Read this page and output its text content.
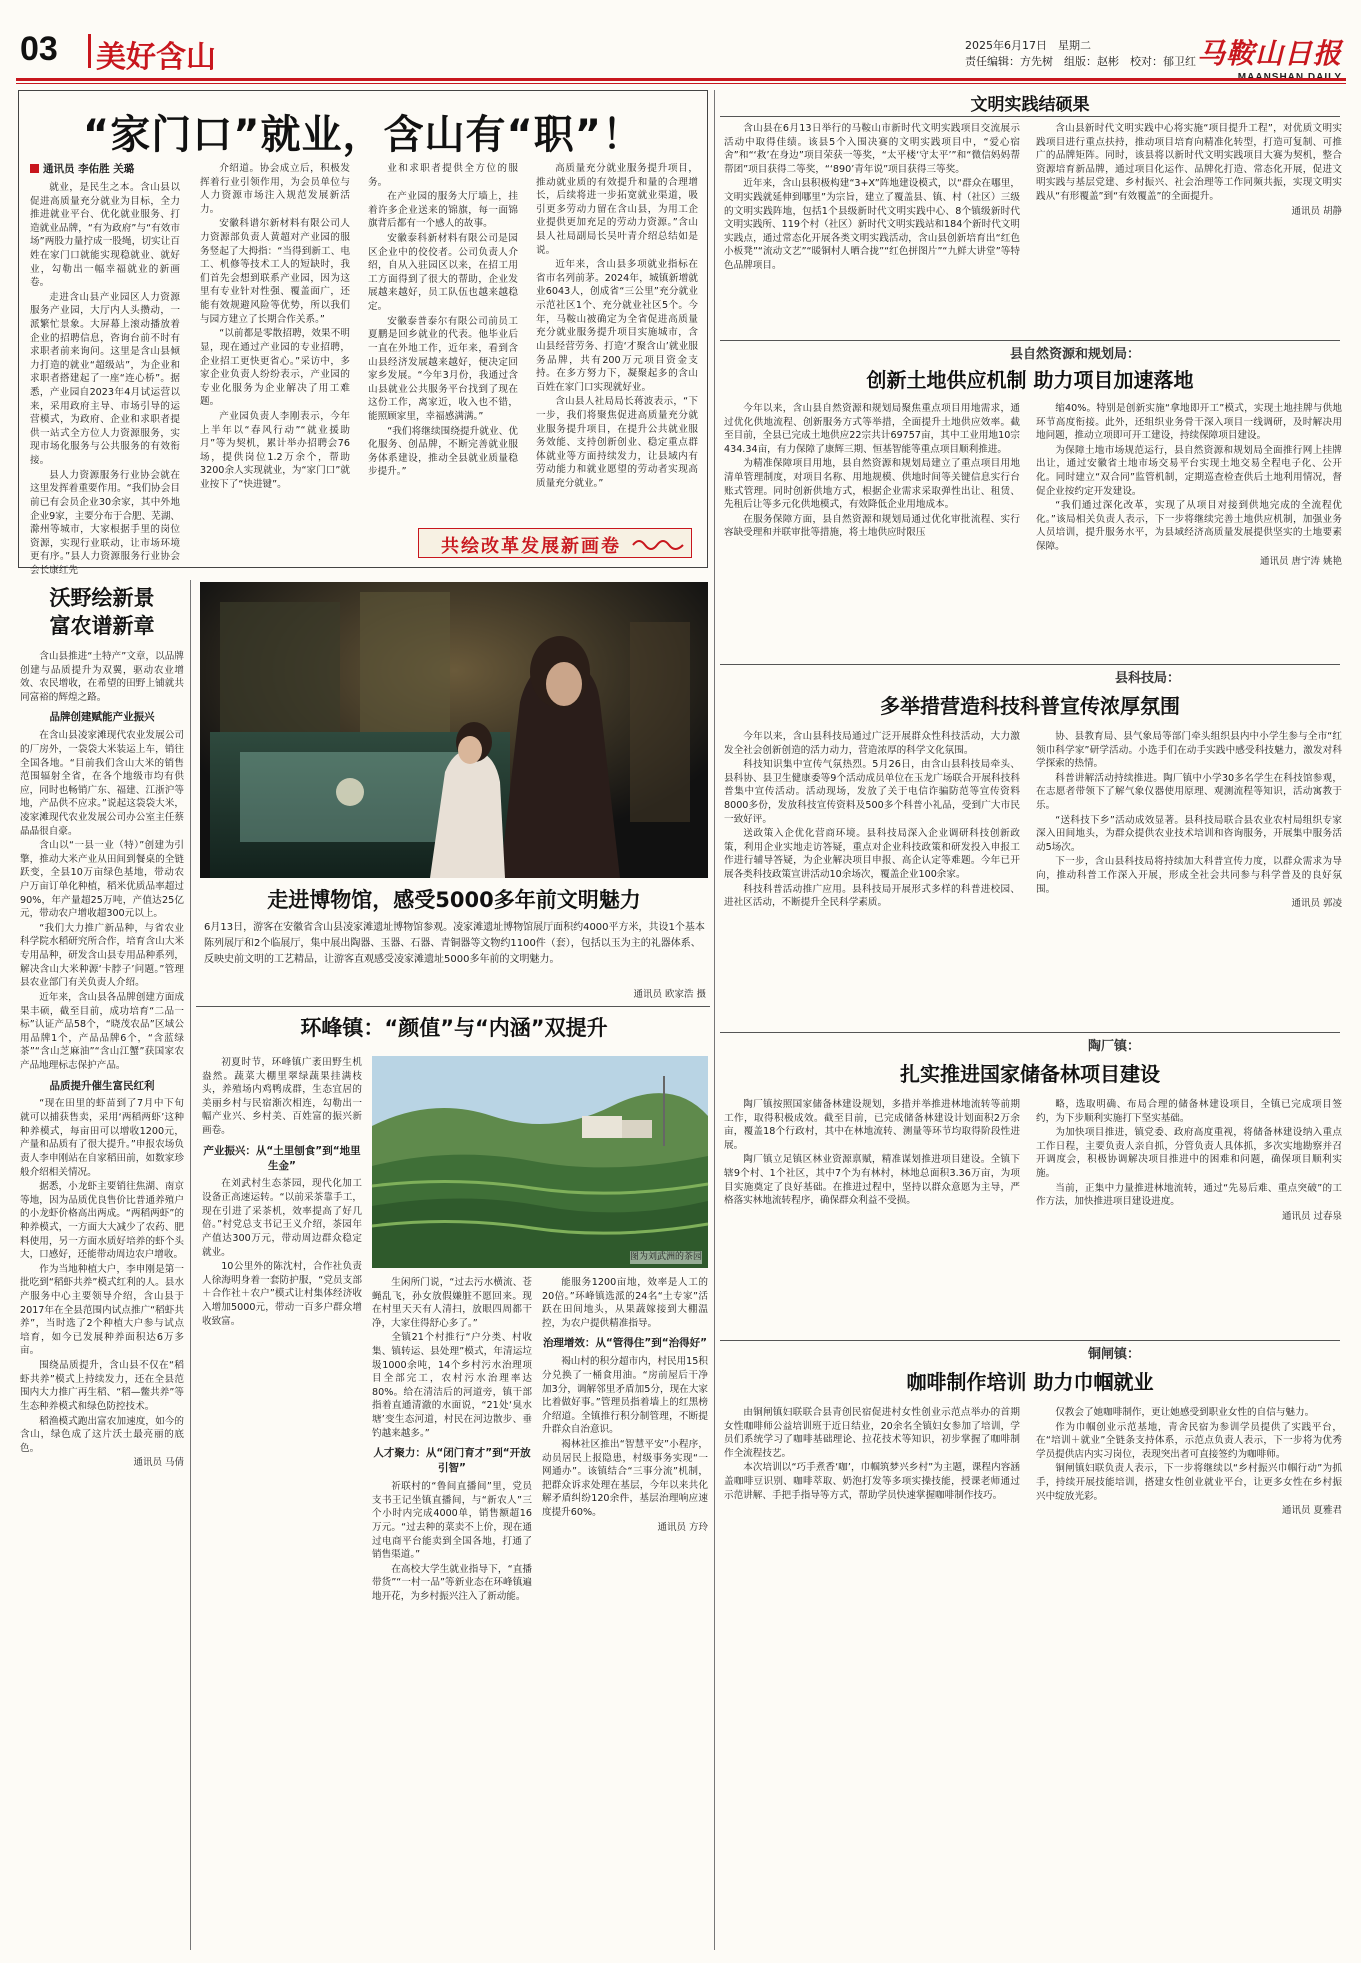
03 美好含山	2025年6月17日　星期二
责任编辑：方先树　组版：赵彬　校对：郁卫红 马鞍山日报
“家门口”就业，含山有“职”！
通讯员 李佑胜 关璐

就业，是民生之本。含山县以促进高质量充分就业为目标，全力推进就业平台、优化就业服务、打造就业品牌，“有为政府”与“有效市场”两股力量拧成一股绳，切实让百姓在家门口就能实现稳就业、就好业，勾勒出一幅幸福就业的新画卷。

走进含山县产业园区人力资源服务产业园，大厅内人头攒动，一派繁忙景象。大屏幕上滚动播放着企业的招聘信息，咨询台前不时有求职者前来询问。这里是含山县倾力打造的就业“超级站”，为企业和求职者搭建起了一座“连心桥”。据悉，产业园自2023年4月试运营以来，采用政府主导、市场引导的运营模式，为政府、企业和求职者提供一站式全方位人力资源服务，实现市场化服务与公共服务的有效衔接。

县人力资源服务行业协会就在这里发挥着重要作用。“我们协会目前已有会员企业30余家，其中外地企业9家，主要分布于合肥、芜湖、滁州等城市，大家根据手里的岗位资源，实现行业联动，让市场环境更有序。”县人力资源服务行业协会会长康红先

介绍道。协会成立后，积极发挥着行业引领作用，为会员单位与人力资源市场注入规范发展新活力。

安徽科谱尔新材料有限公司人力资源部负责人黄超对产业园的服务竖起了大拇指：“当得到新工、电工、机修等技术工人的短缺时，我们首先会想到联系产业园，因为这里有专业针对性强、覆盖面广，还能有效规避风险等优势，所以我们与园方建立了长期合作关系。”

“以前都是零散招聘，效果不明显，现在通过产业园的专业招聘，企业招工更快更省心。”采访中，多家企业负责人纷纷表示，产业园的专业化服务为企业解决了用工难题。

产业园负责人李刚表示，今年上半年以“春风行动”“就业援助月”等为契机，累计举办招聘会76场，提供岗位1.2万余个，帮助3200余人实现就业，为“家门口”就业按下了“快进键”。

业和求职者提供全方位的服务。

在产业园的服务大厅墙上，挂着许多企业送来的锦旗，每一面锦旗背后都有一个感人的故事。

安徽泰科新材料有限公司是园区企业中的佼佼者。公司负责人介绍，自从入驻园区以来，在招工用工方面得到了很大的帮助，企业发展越来越好，员工队伍也越来越稳定。

安徽泰普泰尔有限公司前员工夏鹏是回乡就业的代表。他毕业后一直在外地工作，近年来，看到含山县经济发展越来越好，便决定回家乡发展。“今年3月份，我通过含山县就业公共服务平台找到了现在这份工作，离家近，收入也不错，能照顾家里，幸福感满满。”

“我们将继续围绕提升就业、优化服务、创品牌，不断完善就业服务体系建设，推动全县就业质量稳步提升。”

高质量充分就业服务提升项目，推动就业质的有效提升和量的合理增长，后续将进一步拓宽就业渠道，吸引更多劳动力留在含山县，为用工企业提供更加充足的劳动力资源。”含山县人社局副局长吴叶青介绍总结如是说。

近年来，含山县多项就业指标在省市名列前茅。2024年，城镇新增就业6043人，创成省“三公里”充分就业示范社区1个、充分就业社区5个。今年，马鞍山被确定为全省促进高质量充分就业服务提升项目实施城市，含山县经营劳务、打造‘才聚含山’就业服务品牌，共有200万元项目资金支持。在多方努力下，凝聚起多的含山百姓在家门口实现就好业。

含山县人社局局长蒋波表示，“下一步，我们将聚焦促进高质量充分就业服务提升项目，在提升公共就业服务效能、支持创新创业、稳定重点群体就业等方面持续发力，让县域内有劳动能力和就业愿望的劳动者实现高质量充分就业。”

共绘改革发展新画卷
文明实践结硕果

含山县在6月13日举行的马鞍山市新时代文明实践项目交流展示活动中取得佳绩。该县5个入围决赛的文明实践项目中，“爱心宿舍”和“‘救’在身边”项目荣获一等奖，“太平楼‘守太平’”和“微信妈妈帮帮团”项目获得二等奖，“‘890’青年说”项目获得三等奖。

近年来，含山县积极构建“3+X”阵地建设模式，以“群众在哪里，文明实践就延伸到哪里”为宗旨，建立了覆盖县、镇、村（社区）三级的文明实践阵地，包括1个县级新时代文明实践中心、8个镇级新时代文明实践所、119个村（社区）新时代文明实践站和184个新时代文明实践点，通过常态化开展各类文明实践活动，含山县创新培育出“红色小板凳”“流动文艺”“暖铜村人晒合拢”“红色拼图片”“九鲜大讲堂”等特色品牌项目。

含山县新时代文明实践中心将实施“项目提升工程”，对优质文明实践项目进行重点扶持，推动项目培育向精准化转型，打造可复制、可推广的品牌矩阵。同时，该县将以新时代文明实践项目大赛为契机，整合资源培育新品牌，通过项目化运作、品牌化打造、常态化开展，促进文明实践与基层党建、乡村振兴、社会治理等工作同频共振，实现文明实践从“有形覆盖”到“有效覆盖”的全面提升。

通讯员 胡静
县自然资源和规划局：
创新土地供应机制 助力项目加速落地

今年以来，含山县自然资源和规划局聚焦重点项目用地需求，通过优化供地流程、创新服务方式等举措，全面提升土地供应效率。截至目前，全县已完成土地供应22宗共计69757亩，其中工业用地10宗434.34亩，有力保障了康辉三期、恒基智能等重点项目顺利推进。

为精准保障项目用地，县自然资源和规划局建立了重点项目用地清单管理制度，对项目名称、用地规模、供地时间等关键信息实行台账式管理。同时创新供地方式，根据企业需求采取弹性出让、租赁、先租后让等多元化供地模式，有效降低企业用地成本。

在服务保障方面，县自然资源和规划局通过优化审批流程、实行容缺受理和并联审批等措施，将土地供应时限压

缩40%。特别是创新实施“拿地即开工”模式，实现土地挂牌与供地环节高度衔接。此外，还组织业务骨干深入项目一线调研，及时解决用地问题，推动立项即可开工建设，持续保障项目建设。

为保障土地市场规范运行，县自然资源和规划局全面推行网上挂牌出让，通过安徽省土地市场交易平台实现土地交易全程电子化、公开化。同时建立“双合同”监管机制，定期巡查检查供后土地利用情况，督促企业按约定开发建设。

“我们通过深化改革，实现了从项目对接到供地完成的全流程优化。”该局相关负责人表示，下一步将继续完善土地供应机制，加强业务人员培训，提升服务水平，为县域经济高质量发展提供坚实的土地要素保障。

通讯员 唐宁涛 姚艳
县科技局：
多举措营造科技科普宣传浓厚氛围

今年以来，含山县科技局通过广泛开展群众性科技活动，大力激发全社会创新创造的活力动力，营造浓厚的科学文化氛围。

科技知识集中宣传气氛热烈。5月26日，由含山县科技局牵头、县科协、县卫生健康委等9个活动成员单位在玉龙广场联合开展科技科普集中宣传活动。活动现场，发放了关于电信诈骗防范等宣传资料8000多份，发放科技宣传资料及500多个科普小礼品，受到广大市民一致好评。

送政策入企优化营商环境。县科技局深入企业调研科技创新政策，利用企业实地走访答疑，重点对企业科技政策和研发投入申报工作进行辅导答疑，为企业解决项目申报、高企认定等难题。今年已开展各类科技政策宣讲活动10余场次，覆盖企业100余家。

科技科普活动推广应用。县科技局开展形式多样的科普进校园、进社区活动，不断提升全民科学素质。

协、县教育局、县气象局等部门牵头组织县内中小学生参与全市“红领巾科学家”研学活动。小选手们在动手实践中感受科技魅力，激发对科学探索的热情。

科普讲解活动持续推进。陶厂镇中小学30多名学生在科技馆参观，在志愿者带领下了解气象仪器使用原理、观测流程等知识，活动寓教于乐。

“送科技下乡”活动成效显著。县科技局联合县农业农村局组织专家深入田间地头，为群众提供农业技术培训和咨询服务，开展集中服务活动5场次。

下一步，含山县科技局将持续加大科普宣传力度，以群众需求为导向，推动科普工作深入开展，形成全社会共同参与科学普及的良好氛围。

通讯员 郭凌
陶厂镇：
扎实推进国家储备林项目建设

陶厂镇按照国家储备林建设规划，多措并举推进林地流转等前期工作，取得积极成效。截至目前，已完成储备林建设计划面积2万余亩，覆盖18个行政村，其中在林地流转、测量等环节均取得阶段性进展。

陶厂镇立足镇区林业资源禀赋，精准谋划推进项目建设。全镇下辖9个村、1个社区，其中7个为有林村，林地总面积3.36万亩，为项目实施奠定了良好基础。在推进过程中，坚持以群众意愿为主导，严格落实林地流转程序，确保群众利益不受损。

略，选取明确、布局合理的储备林建设项目，全镇已完成项目签约，为下步顺利实施打下坚实基础。

为加快项目推进，镇党委、政府高度重视，将储备林建设纳入重点工作日程，主要负责人亲自抓，分管负责人具体抓，多次实地勘察并召开调度会，积极协调解决项目推进中的困难和问题，确保项目顺利实施。

当前，正集中力量推进林地流转，通过“先易后难、重点突破”的工作方法，加快推进项目建设进度。

通讯员 过春泉
铜闸镇：
咖啡制作培训 助力巾帼就业

由铜闸镇妇联联合县青创民宿促进村女性创业示范点举办的首期女性咖啡师公益培训班于近日结业，20余名全镇妇女参加了培训，学员们系统学习了咖啡基础理论、拉花技术等知识，初步掌握了咖啡制作全流程技艺。

本次培训以“巧手煮香‘咖’，巾帼筑梦兴乡村”为主题，课程内容涵盖咖啡豆识别、咖啡萃取、奶泡打发等多项实操技能，授课老师通过示范讲解、手把手指导等方式，帮助学员快速掌握咖啡制作技巧。

仅教会了她咖啡制作，更让她感受到职业女性的自信与魅力。

作为巾帼创业示范基地，青舍民宿为参训学员提供了实践平台，在“培训＋就业”全链条支持体系，示范点负责人表示，下一步将为优秀学员提供店内实习岗位，表现突出者可直接签约为咖啡师。

铜闸镇妇联负责人表示，下一步将继续以“乡村振兴巾帼行动”为抓手，持续开展技能培训，搭建女性创业就业平台，让更多女性在乡村振兴中绽放光彩。

通讯员 夏雅君
沃野绘新景
富农谱新章

含山县推进“土特产”文章，以品牌创建与品质提升为双翼，驱动农业增效、农民增收，在希望的田野上铺就共同富裕的辉煌之路。

品牌创建赋能产业振兴

在含山县凌家滩现代农业发展公司的厂房外，一袋袋大米装运上车，销往全国各地。“目前我们含山大米的销售范围辐射全省，在各个地级市均有供应，同时也畅销广东、福建、江浙沪等地，产品供不应求。”说起这袋袋大米，凌家滩现代农业发展公司办公室主任蔡晶晶很自豪。

含山以“一县一业（特）”创建为引擎，推动大米产业从田间到餐桌的全链跃变，全县10万亩绿色基地，带动农户万亩订单化种植，稻米优质品率超过90%，年产量超25万吨，产值达25亿元，带动农户增收超300元以上。

“我们大力推广新品种，与省农业科学院水稻研究所合作，培育含山大米专用品种，研发含山县专用品种系列，解决含山大米种源‘卡脖子’问题。”管理县农业部门有关负责人介绍。

近年来，含山县各品牌创建方面成果丰硕，截至目前，成功培育“二品一标”认证产品58个，“晓茂农品”区域公用品牌1个，产品品牌6个，“含蓝绿茶”“含山芝麻油”“含山江蟹”获国家农产品地理标志保护产品。

品质提升催生富民红利

“现在田里的虾苗到了7月中下旬就可以捕获售卖，采用‘两稻两虾’这种种养模式，每亩田可以增收1200元，产量和品质有了很大提升。”申报农场负责人李申刚站在自家稻田前，如数家珍般介绍相关情况。

据悉，小龙虾主要销往焦湖、南京等地，因为品质优良售价比普通养殖户的小龙虾价格高出两成。“两稻两虾”的种养模式，一方面大大减少了农药、肥料使用，另一方面水质好培养的虾个头大，口感好，还能带动周边农户增收。

作为当地种植大户，李申刚是第一批吃到“稻虾共养”模式红利的人。县水产服务中心主要领导介绍，含山县于2017年在全县范围内试点推广“稻虾共养”，当时选了2个种植大户参与试点培育，如今已发展种养面积达6万多亩。

围绕品质提升，含山县不仅在“稻虾共养”模式上持续发力，还在全县范围内大力推广再生稻、“稻—鳖共养”等生态种养模式和绿色防控技术。

稻渔模式跑出富农加速度，如今的含山，绿色成了这片沃土最亮丽的底色。

通讯员 马倩
走进博物馆，感受5000多年前文明魅力
6月13日，游客在安徽省含山县凌家滩遗址博物馆参观。凌家滩遗址博物馆展厅面积约4000平方米，共设1个基本陈列展厅和2个临展厅，集中展出陶器、玉器、石器、青铜器等文物约1100件（套），包括以玉为主的礼器体系、反映史前文明的工艺精品，让游客直观感受凌家滩遗址5000多年前的文明魅力。
通讯员 欧家浩 摄
环峰镇：“颜值”与“内涵”双提升

初夏时节，环峰镇广袤田野生机盎然。蔬菜大棚里翠绿蔬果挂满枝头，养殖场内鸡鸭成群，生态宜居的美丽乡村与民宿渐次相连，勾勒出一幅产业兴、乡村美、百姓富的振兴新画卷。

产业振兴：从“土里刨食”到“地里生金”

在刘武村生态茶园，现代化加工设备正高速运转。“以前采茶靠手工，现在引进了采茶机，效率提高了好几倍。”村党总支书记王义介绍，茶园年产值达300万元，带动周边群众稳定就业。

10公里外的陈沈村，合作社负责人徐海明身着一套防护服，“党员支部＋合作社＋农户”模式让村集体经济收入增加5000元，带动一百多户群众增收致富。

图为刘武洲的茶园

生闲所门说，“过去污水横流、苍蝇乱飞，孙女放假嫌脏不愿回来。现在村里天天有人清扫，放眼四周都干净，大家住得舒心多了。”

全镇21个村推行“户分类、村收集、镇转运、县处理”模式，年清运垃圾1000余吨，14个乡村污水治理项目全部完工，农村污水治理率达80%。给在清洁后的河道旁，镇干部指着直通清澈的水面说，“21处‘臭水塘’变生态河道，村民在河边散步、垂钓越来越多。”

人才聚力：从“闭门育才”到“开放引智”

祈联村的“鲁间直播间”里，党员支书王记坐镇直播间，与“新农人”三个小时内完成4000单，销售额超16万元。“过去种的菜卖不上价，现在通过电商平台能卖到全国各地，打通了销售渠道。”

在高校大学生就业指导下，“直播带货”“一村一品”等新业态在环峰镇遍地开花，为乡村振兴注入了新动能。

能服务1200亩地，效率是人工的20倍。”环峰镇选派的24名“土专家”活跃在田间地头，从果蔬嫁接到大棚温控，为农户提供精准指导。

治理增效：从“管得住”到“治得好”

褐山村的积分超市内，村民用15积分兑换了一桶食用油。“房前屋后干净加3分，调解邻里矛盾加5分，现在大家比着做好事。”管理员指着墙上的红黑榜介绍道。全镇推行积分制管理，不断提升群众自治意识。

褐林社区推出“智慧平安”小程序，动员居民上报隐患，村级事务实现“一网通办”。该镇结合“三事分流”机制，把群众诉求处理在基层，今年以来共化解矛盾纠纷120余件，基层治理响应速度提升60%。

通讯员 方玲
